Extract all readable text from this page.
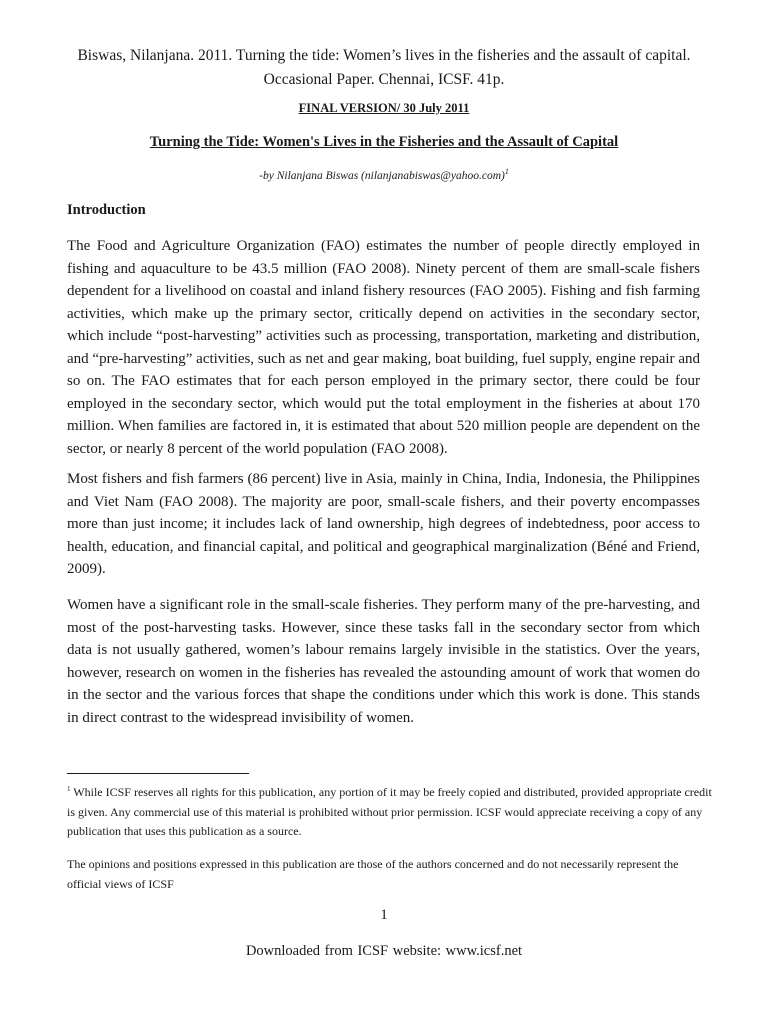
Biswas, Nilanjana. 2011. Turning the tide: Women’s lives in the fisheries and the assault of capital.
Occasional Paper. Chennai, ICSF. 41p.
FINAL VERSION/ 30 July 2011
Turning the Tide: Women's Lives in the Fisheries and the Assault of Capital
-by Nilanjana Biswas (nilanjanabiswas@yahoo.com)$^1$
Introduction

The Food and Agriculture Organization (FAO) estimates the number of people directly employed in fishing and aquaculture to be 43.5 million (FAO 2008). Ninety percent of them are small-scale fishers dependent for a livelihood on coastal and inland fishery resources (FAO 2005). Fishing and fish farming activities, which make up the primary sector, critically depend on activities in the secondary sector, which include “post-harvesting” activities such as processing, transportation, marketing and distribution, and “pre-harvesting” activities, such as net and gear making, boat building, fuel supply, engine repair and so on. The FAO estimates that for each person employed in the primary sector, there could be four employed in the secondary sector, which would put the total employment in the fisheries at about 170 million. When families are factored in, it is estimated that about 520 million people are dependent on the sector, or nearly 8 percent of the world population (FAO 2008).

Most fishers and fish farmers (86 percent) live in Asia, mainly in China, India, Indonesia, the Philippines and Viet Nam (FAO 2008). The majority are poor, small-scale fishers, and their poverty encompasses more than just income; it includes lack of land ownership, high degrees of indebtedness, poor access to health, education, and financial capital, and political and geographical marginalization (Béné and Friend, 2009).

Women have a significant role in the small-scale fisheries. They perform many of the pre-harvesting, and most of the post-harvesting tasks. However, since these tasks fall in the secondary sector from which data is not usually gathered, women’s labour remains largely invisible in the statistics. Over the years, however, research on women in the fisheries has revealed the astounding amount of work that women do in the sector and the various forces that shape the conditions under which this work is done. This stands in direct contrast to the widespread invisibility of women.

$^1$ While ICSF reserves all rights for this publication, any portion of it may be freely copied and distributed, provided appropriate credit is given. Any commercial use of this material is prohibited without prior permission. ICSF would appreciate receiving a copy of any publication that uses this publication as a source.

The opinions and positions expressed in this publication are those of the authors concerned and do not necessarily represent the official views of ICSF

1
Downloaded from ICSF website: www.icsf.net
